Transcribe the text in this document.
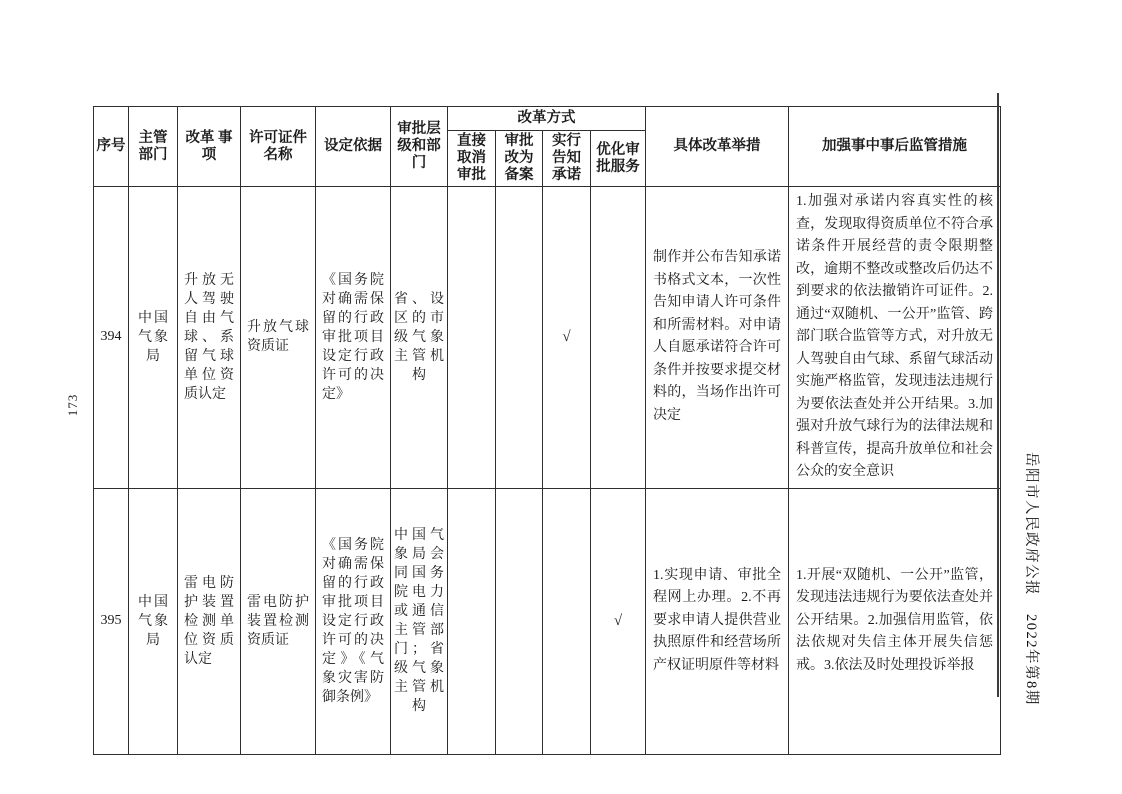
173
序号	主管部门	改革 事项	许可证件 名称	设定依据	审批层级和部门	改革方式				具体改革举措	加强事中事后监管措施
						直接 取消 审批	审批 改为 备案	实行 告知 承诺	优化审批服务		
394	中国气象局	升放无人驾驶自由气球、系留气球单位资质认定	升放气球资质证	《国务院对确需保留的行政审批项目设定行政许可的决定》	省、设区的市级气象主管机构			√		制作并公布告知承诺书格式文本，一次性告知申请人许可条件和所需材料。对申请人自愿承诺符合许可条件并按要求提交材料的，当场作出许可决定	1.加强对承诺内容真实性的核查，发现取得资质单位不符合承诺条件开展经营的责令限期整改，逾期不整改或整改后仍达不到要求的依法撤销许可证件。2.通过“双随机、一公开”监管、跨部门联合监管等方式，对升放无人驾驶自由气球、系留气球活动实施严格监管，发现违法违规行为要依法查处并公开结果。3.加强对升放气球行为的法律法规和科普宣传，提高升放单位和社会公众的安全意识
395	中国气象局	雷电防护装置检测单位资质认定	雷电防护装置检测资质证	《国务院对确需保留的行政审批项目设定行政许可的决定》《气象灾害防御条例》	中国气象局会同国务院电力或通信主管部门；省级气象主管机构				√	1.实现申请、审批全程网上办理。2.不再要求申请人提供营业执照原件和经营场所产权证明原件等材料	1.开展“双随机、一公开”监管，发现违法违规行为要依法查处并公开结果。2.加强信用监管，依法依规对失信主体开展失信惩戒。3.依法及时处理投诉举报
岳阳市人民政府公报2022年第8期
